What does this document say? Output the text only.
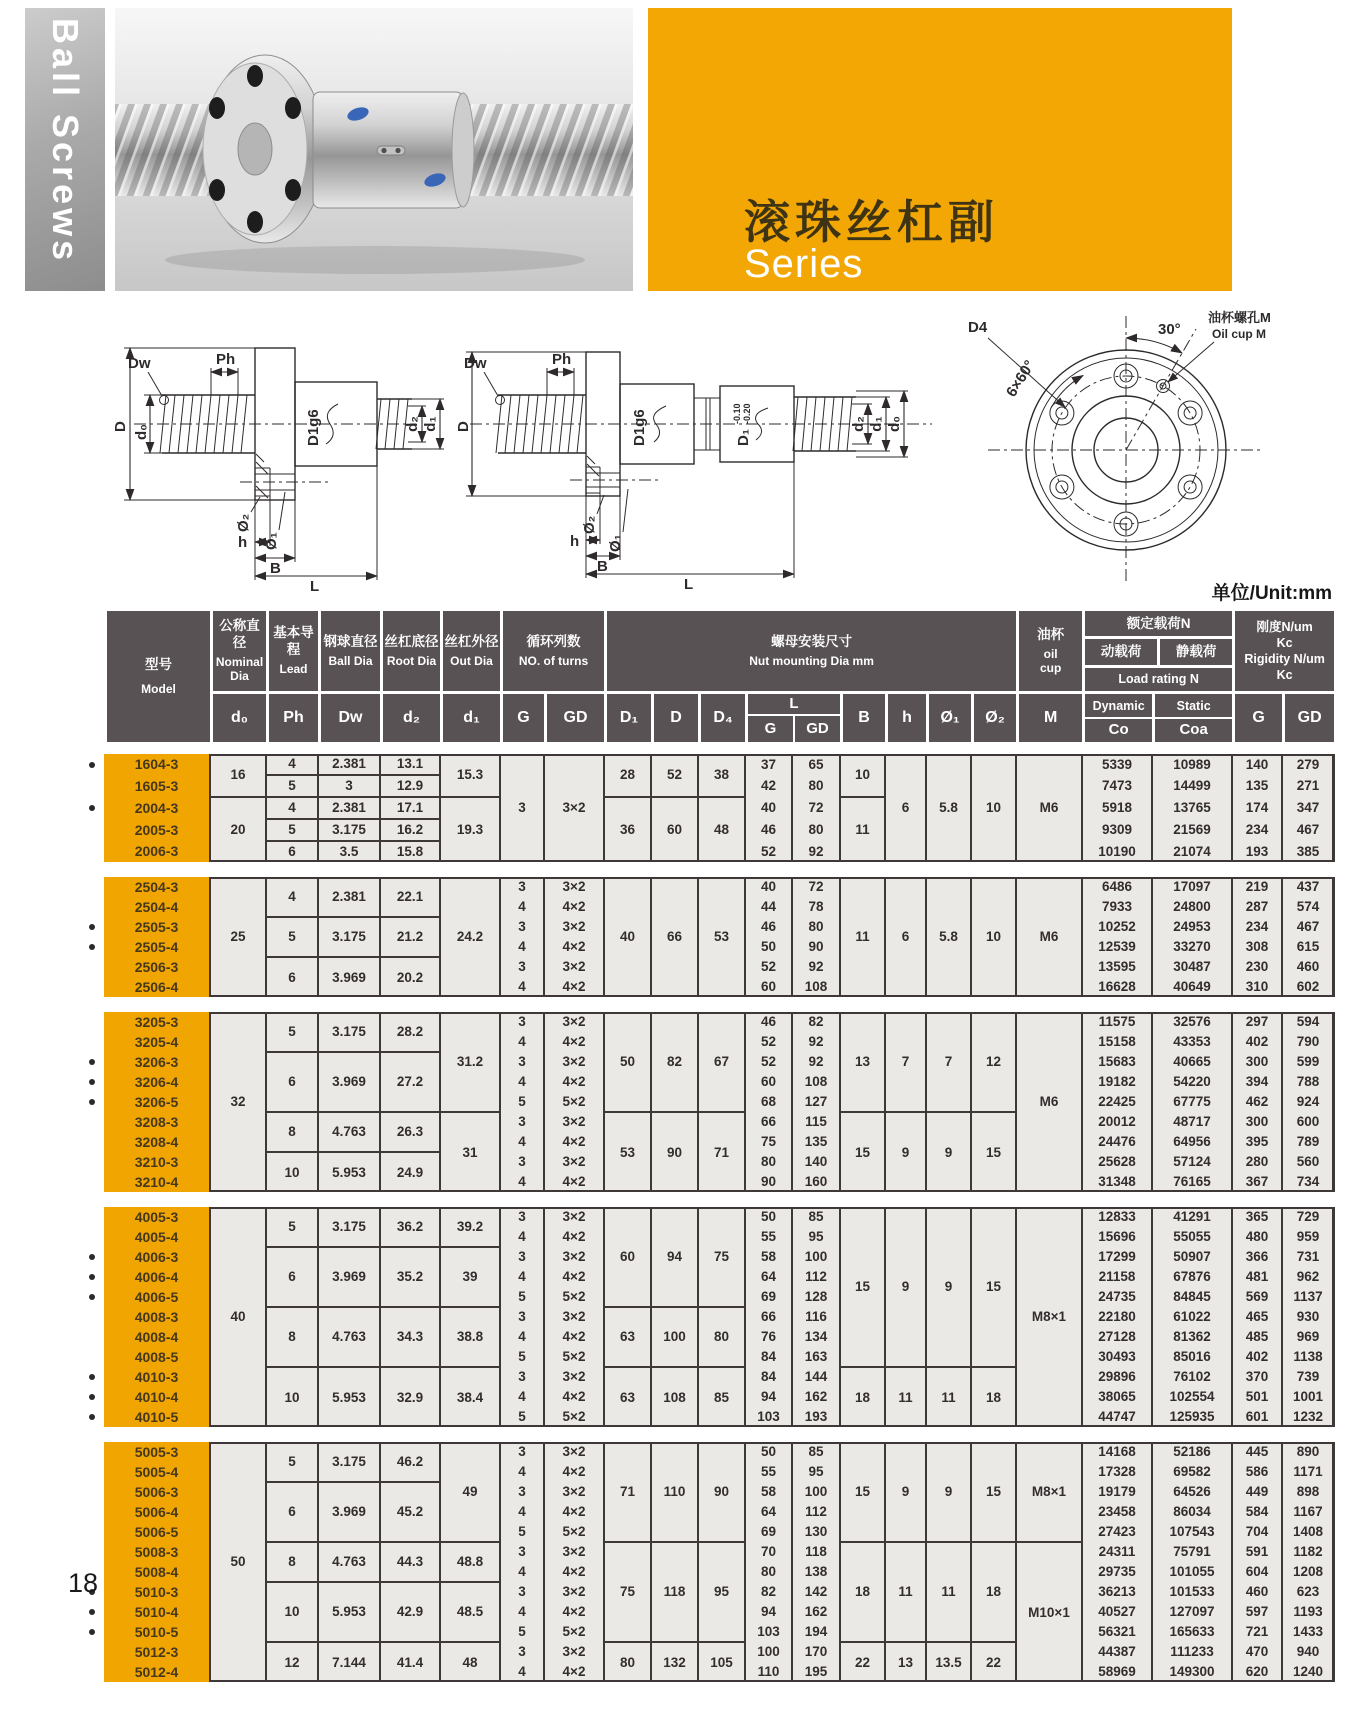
Ball Screws	滚珠丝杠副
Series
Dw	Ph
D1g6
Ø₂
Ø₁
h
B
L
D d₀
d₂ d₁
Dw	Ph
D1g6	D₁
-0.10 -0.20	d₂ d₁ d₀
Ø₂
Ø₁
h
B
L
D
D4	30°
油杯螺孔M
Oil cup M
6×60°
单位/Unit:mm
型号
Model

公称直径
Nominal Dia

基本导程
Lead

钢球直径
Ball Dia

丝杠底径
Root Dia

丝杠外径
Out Dia

循环列数
NO. of turns

螺母安装尺寸
Nut mounting Dia mm

油杯
oil
cup

额定载荷N
动载荷	静载荷
Load rating N

刚度N/um
Kc
Rigidity N/um
Kc

d₀	Ph	Dw	d₂	d₁	G	GD	D₁	D	D₄	
L
G	GD
	B	h	Ø₁	Ø₂	M	
Dynamic
Co

Static
Coa
	G	GD
1604-3	16	4	2.381	13.1	15.3	3	3×2	28	52	38	37	65	10	6	5.8	10	M6	5339	10989	140	279
1605-3		5	3	12.9							42	80						7473	14499	135	271
2004-3	20	4	2.381	17.1	19.3			36	60	48	40	72	11					5918	13765	174	347
2005-3		5	3.175	16.2							46	80						9309	21569	234	467
2006-3		6	3.5	15.8							52	92						10190	21074	193	385

2504-3	25	4	2.381	22.1	24.2	3	3×2	40	66	53	40	72	11	6	5.8	10	M6	6486	17097	219	437
2504-4						4	4×2				44	78						7933	24800	287	574
2505-3		5	3.175	21.2		3	3×2				46	80						10252	24953	234	467
2505-4						4	4×2				50	90						12539	33270	308	615
2506-3		6	3.969	20.2		3	3×2				52	92						13595	30487	230	460
2506-4						4	4×2				60	108						16628	40649	310	602

3205-3	32	5	3.175	28.2	31.2	3	3×2	50	82	67	46	82	13	7	7	12	M6	11575	32576	297	594
3205-4						4	4×2				52	92						15158	43353	402	790
3206-3		6	3.969	27.2		3	3×2				52	92						15683	40665	300	599
3206-4						4	4×2				60	108						19182	54220	394	788
3206-5						5	5×2				68	127						22425	67775	462	924
3208-3		8	4.763	26.3	31	3	3×2	53	90	71	66	115	15	9	9	15		20012	48717	300	600
3208-4						4	4×2				75	135						24476	64956	395	789
3210-3		10	5.953	24.9		3	3×2				80	140						25628	57124	280	560
3210-4						4	4×2				90	160						31348	76165	367	734

4005-3	40	5	3.175	36.2	39.2	3	3×2	60	94	75	50	85	15	9	9	15	M8×1	12833	41291	365	729
4005-4						4	4×2				55	95						15696	55055	480	959
4006-3		6	3.969	35.2	39	3	3×2				58	100						17299	50907	366	731
4006-4						4	4×2				64	112						21158	67876	481	962
4006-5						5	5×2				69	128						24735	84845	569	1137
4008-3		8	4.763	34.3	38.8	3	3×2	63	100	80	66	116						22180	61022	465	930
4008-4						4	4×2				76	134						27128	81362	485	969
4008-5						5	5×2				84	163						30493	85016	402	1138
4010-3		10	5.953	32.9	38.4	3	3×2	63	108	85	84	144	18	11	11	18		29896	76102	370	739
4010-4						4	4×2				94	162						38065	102554	501	1001
4010-5						5	5×2				103	193						44747	125935	601	1232

5005-3	50	5	3.175	46.2	49	3	3×2	71	110	90	50	85	15	9	9	15	M8×1	14168	52186	445	890
5005-4						4	4×2				55	95						17328	69582	586	1171
5006-3		6	3.969	45.2		3	3×2				58	100						19179	64526	449	898
5006-4						4	4×2				64	112						23458	86034	584	1167
5006-5						5	5×2				69	130						27423	107543	704	1408
5008-3		8	4.763	44.3	48.8	3	3×2	75	118	95	70	118	18	11	11	18	M10×1	24311	75791	591	1182
5008-4						4	4×2				80	138						29735	101055	604	1208
5010-3		10	5.953	42.9	48.5	3	3×2				82	142						36213	101533	460	623
5010-4						4	4×2				94	162						40527	127097	597	1193
5010-5						5	5×2				103	194						56321	165633	721	1433
5012-3		12	7.144	41.4	48	3	3×2	80	132	105	100	170	22	13	13.5	22		44387	111233	470	940
5012-4						4	4×2				110	195						58969	149300	620	1240

18
